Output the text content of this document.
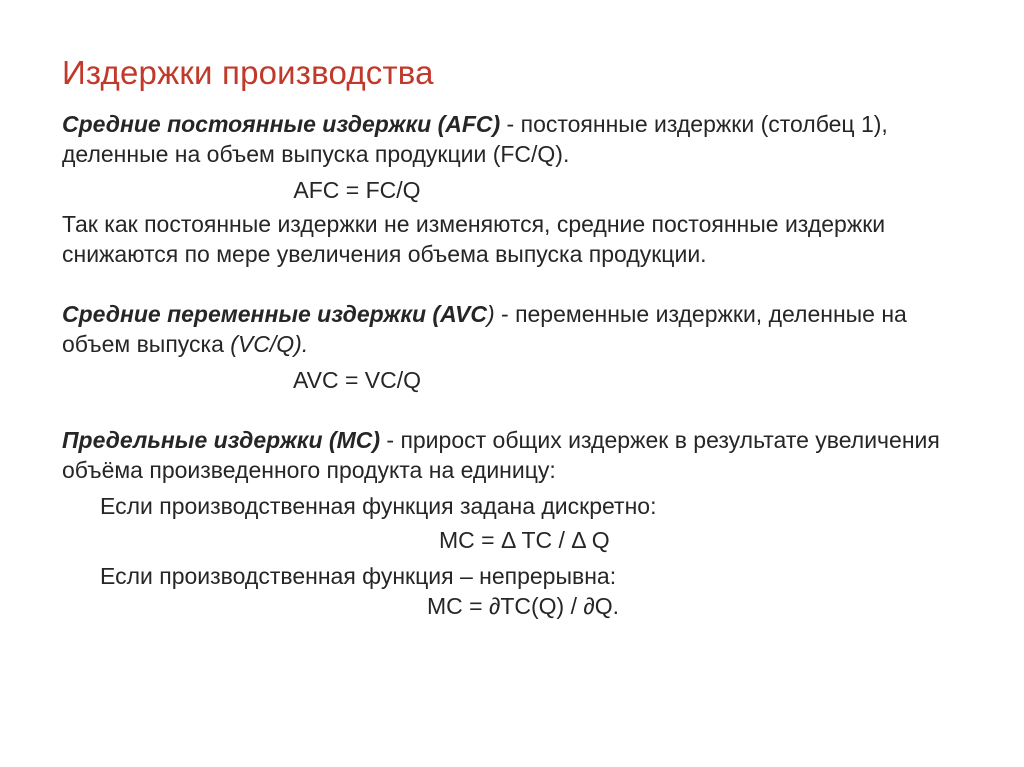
Издержки производства

Средние постоянные издержки (AFC) - постоянные издержки (столбец 1), деленные на объем выпуска продукции (FC/Q).

AFC = FC/Q

Так как постоянные издержки не изменяются, средние постоянные издержки снижаются по мере увеличения объема выпуска продукции.

Средние переменные издержки (AVC) - переменные издержки, деленные на объем выпуска (VC/Q).

AVC = VC/Q

Предельные издержки (MC) - прирост общих издержек в результате увеличения объёма произведенного продукта на единицу:

Если производственная функция задана дискретно:

MC = Δ TC / Δ Q

Если производственная функция – непрерывна:

MC = ∂TC(Q) / ∂Q.
